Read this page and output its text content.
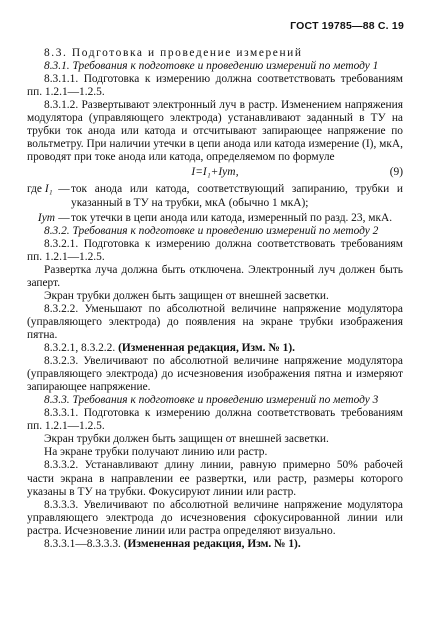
ГОСТ 19785—88 С. 19

8.3. Подготовка и проведение измерений

8.3.1. Требования к подготовке и проведению измерений по методу 1

8.3.1.1. Подготовка к измерению должна соответствовать требованиям пп. 1.2.1—1.2.5.

8.3.1.2. Развертывают электронный луч в растр. Изменением напряжения модулятора (управляющего электрода) устанавливают заданный в ТУ на трубки ток анода или катода и отсчитывают запирающее напряжение по вольтметру. При наличии утечки в цепи анода или катода измерение (I), мкА, проводят при токе анода или катода, определяемом по формуле

I=I₁+Iут,	(9)
где I₁ — ток анода или катода, соответствующий запиранию, трубки и указанный в ТУ на трубки, мкА (обычно 1 мкА);
Iут — ток утечки в цепи анода или катода, измеренный по разд. 23, мкА.

8.3.2. Требования к подготовке и проведению измерений по методу 2

8.3.2.1. Подготовка к измерению должна соответствовать требованиям пп. 1.2.1—1.2.5.

Развертка луча должна быть отключена. Электронный луч должен быть заперт.

Экран трубки должен быть защищен от внешней засветки.

8.3.2.2. Уменьшают по абсолютной величине напряжение модулятора (управляющего электрода) до появления на экране трубки изображения пятна.

8.3.2.1, 8.3.2.2. (Измененная редакция, Изм. № 1).

8.3.2.3. Увеличивают по абсолютной величине напряжение модулятора (управляющего электрода) до исчезновения изображения пятна и измеряют запирающее напряжение.

8.3.3. Требования к подготовке и проведению измерений по методу 3

8.3.3.1. Подготовка к измерению должна соответствовать требованиям пп. 1.2.1—1.2.5.

Экран трубки должен быть защищен от внешней засветки.

На экране трубки получают линию или растр.

8.3.3.2. Устанавливают длину линии, равную примерно 50% рабочей части экрана в направлении ее развертки, или растр, размеры которого указаны в ТУ на трубки. Фокусируют линии или растр.

8.3.3.3. Увеличивают по абсолютной величине напряжение модулятора управляющего электрода до исчезновения сфокусированной линии или растра. Исчезновение линии или растра определяют визуально.

8.3.3.1—8.3.3.3. (Измененная редакция, Изм. № 1).
